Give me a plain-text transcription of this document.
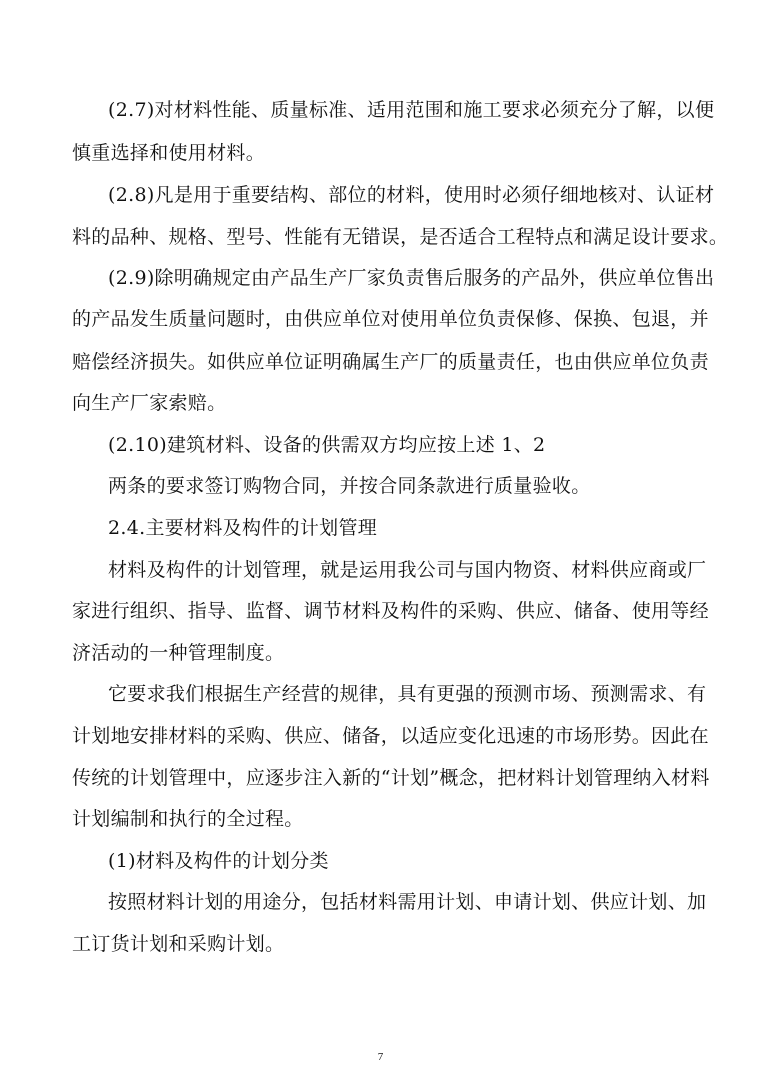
(2.7)对材料性能、质量标准、适用范围和施工要求必须充分了解，以便
慎重选择和使用材料。
(2.8)凡是用于重要结构、部位的材料，使用时必须仔细地核对、认证材
料的品种、规格、型号、性能有无错误，是否适合工程特点和满足设计要求。
(2.9)除明确规定由产品生产厂家负责售后服务的产品外，供应单位售出
的产品发生质量问题时，由供应单位对使用单位负责保修、保换、包退，并
赔偿经济损失。如供应单位证明确属生产厂的质量责任，也由供应单位负责
向生产厂家索赔。
(2.10)建筑材料、设备的供需双方均应按上述 1、2
两条的要求签订购物合同，并按合同条款进行质量验收。
2.4.主要材料及构件的计划管理
材料及构件的计划管理，就是运用我公司与国内物资、材料供应商或厂
家进行组织、指导、监督、调节材料及构件的采购、供应、储备、使用等经
济活动的一种管理制度。
它要求我们根据生产经营的规律，具有更强的预测市场、预测需求、有
计划地安排材料的采购、供应、储备，以适应变化迅速的市场形势。因此在
传统的计划管理中，应逐步注入新的“计划”概念，把材料计划管理纳入材料
计划编制和执行的全过程。
(1)材料及构件的计划分类
按照材料计划的用途分，包括材料需用计划、申请计划、供应计划、加
工订货计划和采购计划。
7
